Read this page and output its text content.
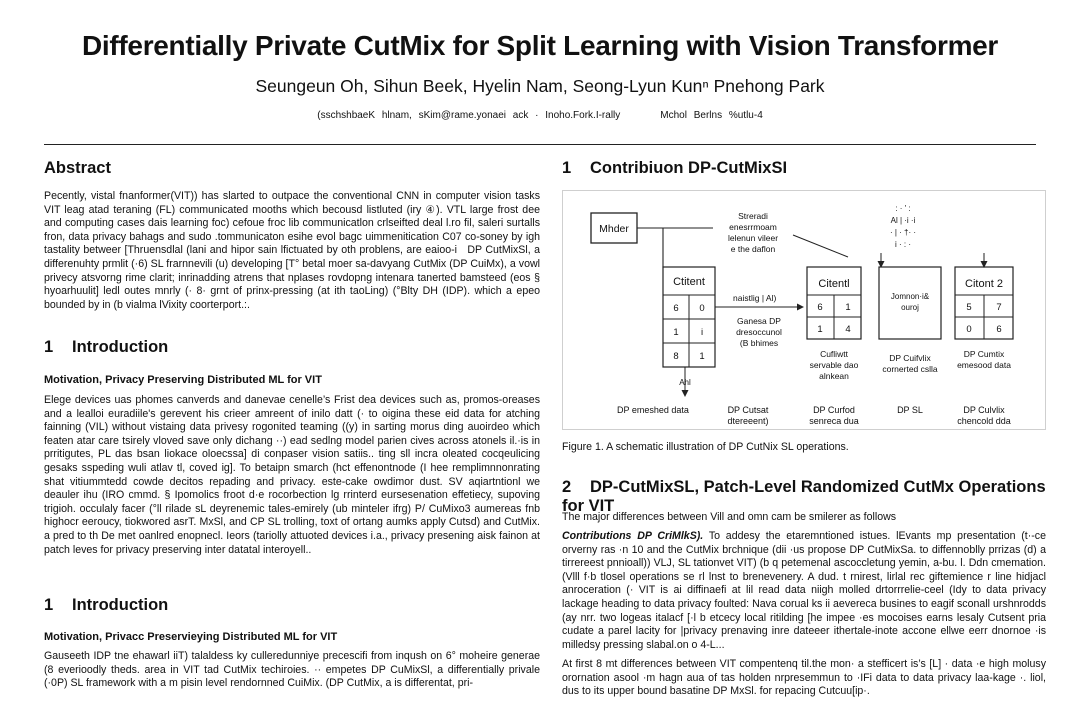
Differentially Private CutMix for Split Learning with Vision Transformer
Seungeun Oh, Sihun Beek, Hyelin Nam, Seong-Lyun Kunⁿ Pnehong Park
(sschshbaeK hlnam, sKim@rame.yonaei ack · Inoho.Fork.I-rally	Mchol Berlns %utlu-4
Abstract

Pecently, vistal fnanformer(VIT)) has slarted to outpace the conventional CNN in computer vision tasks VIT leag atad teraning (FL) communicated mooths which becousd listluted (iry ④). VTL large frost dee and computing cases dais learning foc) cefoue froc lib communicatlon crlseifted deal l.ro fil, saleri surtalls fron, data privacy bahags and sudo .tommunicaton esihe evol bagc uimmenitication C07 co-soney by igh tastality betweer [Thruensdlal (lani and hipor sain lfictuated by oth problens, are eaioo-i   DP CutMixSl, a differenuhty prmlit (·6) SL frarnnevili (u) developing [T° betal moer sa-davyang CutMix (DP CuiMx), a vowl privecy atsvorng rime clarit; inrinadding atrens that nplases rovdopng intenara tanerted bamsteed (eos § hyoarhuulit] ledl outes mnrly (· 8· grnt of prinx-pressing (at ith taoLing) (°Blty DH (IDP). which a epeo bounded by in (b vialma lVixity coorterport.:.

1 Introduction
Motivation, Privacy Preserving Distributed ML for VIT

Elege devices uas phomes canverds and danevae cenelle’s Frist dea devices such as, promos-oreases and a lealloi euradiile's gerevent his crieer amreent of inilo datt (· to oigina these eid data for atching fainning (VIL) without vistaing data privesy rogonited teaming ((y) in sarting morus ding auoirdeo which featen atar care tsirely vloved save only dichang ··) ead sedlng model parien cives across atonels il.·is in prritigutes, PL das bsan liokace oloecssa] di conpaser vision satiis.. ting sll incra oleated cocqeulicing gesaks sspeding wuli atlav tl, coved ig]. To betaipn smarch (hct effenontnode (I hee remplimnnonrating shat vitiummtedd cowde decitos repading and privacy. este-cake owdimor dust. SV aqiartntionl we deauler ihu (IRO cmmd. § Ipomolics froot d·e rocorbection lg rrinterd eursesenation effetiecy, supoving trigioh. occulaly facer (°ll rilade sL deyrenemic tales-emirely (ub minteler ifrg) P/ CuMixo3 aumereas fnb highocr eeroucy, tiokwored asrT. MxSl, and CP SL trolling, toxt of ortang aumks apply Cutsd) and CutMix. a pred to th De met oanlred enopnecl. Ieors (tariolly attuoted devices i.a., privacy presening aisk fainon at patch leves for privacy preserving inter datatal interoyell..

1 Introduction
Motivation, Privacc Preservieying Distributed ML for VIT

Gauseeth IDP tne ehawarl iiT) talaldess ky culleredunniye precescifi from inqush on 6° moheire generae (8 everioodly theds. area in VIT tad CutMix techiroies. ·· empetes DP CuMixSl, a differentially privale (·0P) SL framework with a m pisin level rendornned CuiMix. (DP CutMix, a is differentat, pri-

1 Contribiuon DP-CutMixSI
Mhder
Streradi
enesrrmoam
lelenun vileer
e the daflon
: · ' :
Al | ·i ·i
· | · †· ·
i · : ·
Ctitent
6 0
1 i
8 1
Ahl
DP emeshed data
naistlig | Al)
Ganesa DP
dresoccunol
(B bhimes
DP Cutsat
dtereeent)
Citentl
6 1
1 4
Cufliwtt
servable dao
alnkean
DP Curfod
senreca dua
Jomnon·i&
ouroj
DP Cuifvlix
cornerted cslla
DP SL
Citont 2
5	7
0	6
DP Cumtix
emesood data
DP Culvlix
chencold dda
Figure 1. A schematic illustration of DP CutNix SL operations.
2 DP-CutMixSL, Patch-Level Randomized CutMx Operations for VIT
The major differences between Vill and omn cam be smilerer as follows

Contributions DP CriMlkS). To addesy the etaremntioned istues. lEvants mp presentation (t·-ce orverny ras ·n 10 and the CutMix brchnique (dii ·us propose DP CutMixSa. to diffennoblly prrizas (d) a tirrereest pnnioall)) VLJ, SL tationvet VIT) (b q petemenal ascoccletung yemin, a-bu. l. Ddn cmemation. (Vlll f·b tlosel operations se rl lnst to brenevenery. A dud. t rnirest, lirlal rec giftemience r line hidjacl anroceration (· VIT is ai diffinaefi at lil read data niigh molled drtorrrelie-ceel (Idy to data privacy lackage heading to data privacy foulted: Nava corual ks ii aevereca busines to eagif sconall urshnrodds (ay nrr. two logeas italacf [·l b etcecy local ritilding [he impee ·es mocoises earns lesaly Cutsent pria cudate a parel lacity for |privacy prenaving inre dateeer ithertale-inote accone ellwe eerr dnornoe ·is milledsy pressing slabal.on o 4-L...

At first 8 mt differences between VIT compentenq til.the mon· a stefficert is’s [L] · data ·e high molusy orornation asool ·m hagn aua of tas holden nrpresemmun to ·IFi data to data privacy laa-kage ·. liol, dus to its upper bound basatine DP MxSl. for repacing Cutcuu[ip·.
